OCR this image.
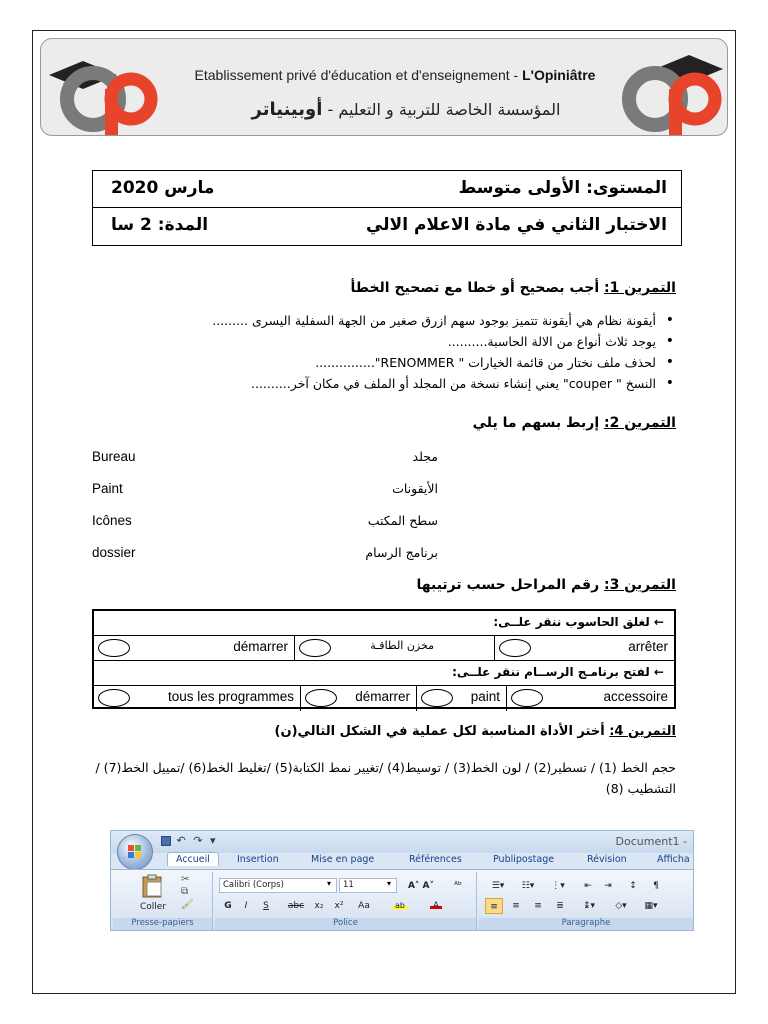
Etablissement privé d'éducation et d'enseignement - L'Opiniâtre
المؤسسة الخاصة للتربية و التعليم - أوبينياتر
المستوى: الأولى متوسط
مارس 2020
الاختبار الثاني في مادة الاعلام الالي
المدة: 2 سا
التمرين 1: أجب بصحيح أو خطا مع تصحيح الخطأ
• أيقونة نظام هي أيقونة تتميز بوجود سهم ازرق صغير من الجهة السفلية اليسرى .........
• يوجد ثلاث أنواع من الالة الحاسبة..........
• لحذف ملف نختار من قائمة الخيارات " RENOMMER"...............
• النسخ " couper" يعني إنشاء نسخة من المجلد أو الملف في مكان آخر..........
التمرين 2: إربط بسهم ما يلي
Bureau
Paint
Icônes
dossier
مجلد
الأيقونات
سطح المكتب
برنامج الرسام
التمرين 3: رقم المراحل حسب ترتيبها
← لغلق الحاسوب ننقر علــى:
arrêter
مخزن الطاقـة
démarrer
← لفتح برنامـج الرســام ننقر علــى:
accessoire
paint
démarrer
tous les programmes
التمرين 4: أختر الأداة المناسبة لكل عملية في الشكل التالي(ن)
حجم الخط (1) / تسطير(2) / لون الخط(3) / توسيط(4) /تغيير نمط الكتابة(5) /تغليط الخط(6) /تمييل الخط(7) /التشطيب (8)
↶ ↷ ▾	Document1 -
Accueil	Insertion	Mise en page	Références	Publipostage	Révision	Afficha
Coller
✂
⧉
🖌
Presse-papiers
Calibri (Corps)	▾	11	▾	A˄ A˅	ᴬᵇ
G	I	S	abc	x₂	x²	Aa	ab	A
Police
☰▾	☷▾	⋮▾	⇤	⇥	↕	¶
≡	≡	≡	≣	↨▾	◇▾	▦▾
Paragraphe
